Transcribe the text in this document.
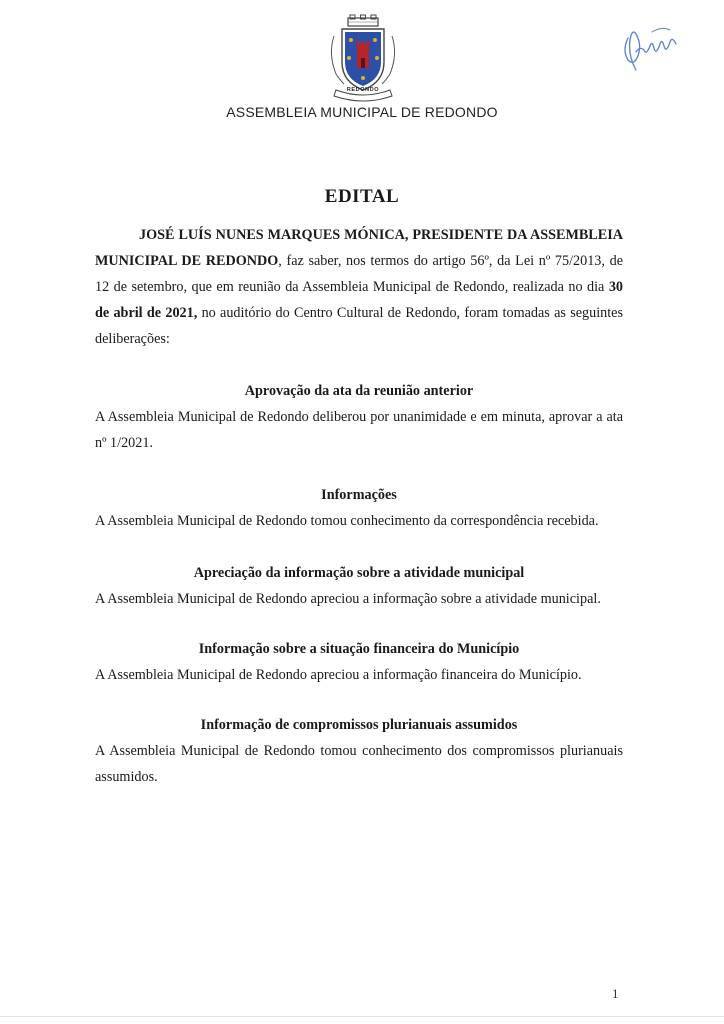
REDONDO
ASSEMBLEIA MUNICIPAL DE REDONDO
EDITAL

JOSÉ LUÍS NUNES MARQUES MÓNICA, PRESIDENTE DA ASSEMBLEIA MUNICIPAL DE REDONDO, faz saber, nos termos do artigo 56º, da Lei nº 75/2013, de 12 de setembro, que em reunião da Assembleia Municipal de Redondo, realizada no dia 30 de abril de 2021, no auditório do Centro Cultural de Redondo, foram tomadas as seguintes deliberações:

Aprovação da ata da reunião anterior
A Assembleia Municipal de Redondo deliberou por unanimidade e em minuta, aprovar a ata nº 1/2021.
Informações
A Assembleia Municipal de Redondo tomou conhecimento da correspondência recebida.
Apreciação da informação sobre a atividade municipal
A Assembleia Municipal de Redondo apreciou a informação sobre a atividade municipal.
Informação sobre a situação financeira do Município
A Assembleia Municipal de Redondo apreciou a informação financeira do Município.
Informação de compromissos plurianuais assumidos
A Assembleia Municipal de Redondo tomou conhecimento dos compromissos plurianuais assumidos.
1
